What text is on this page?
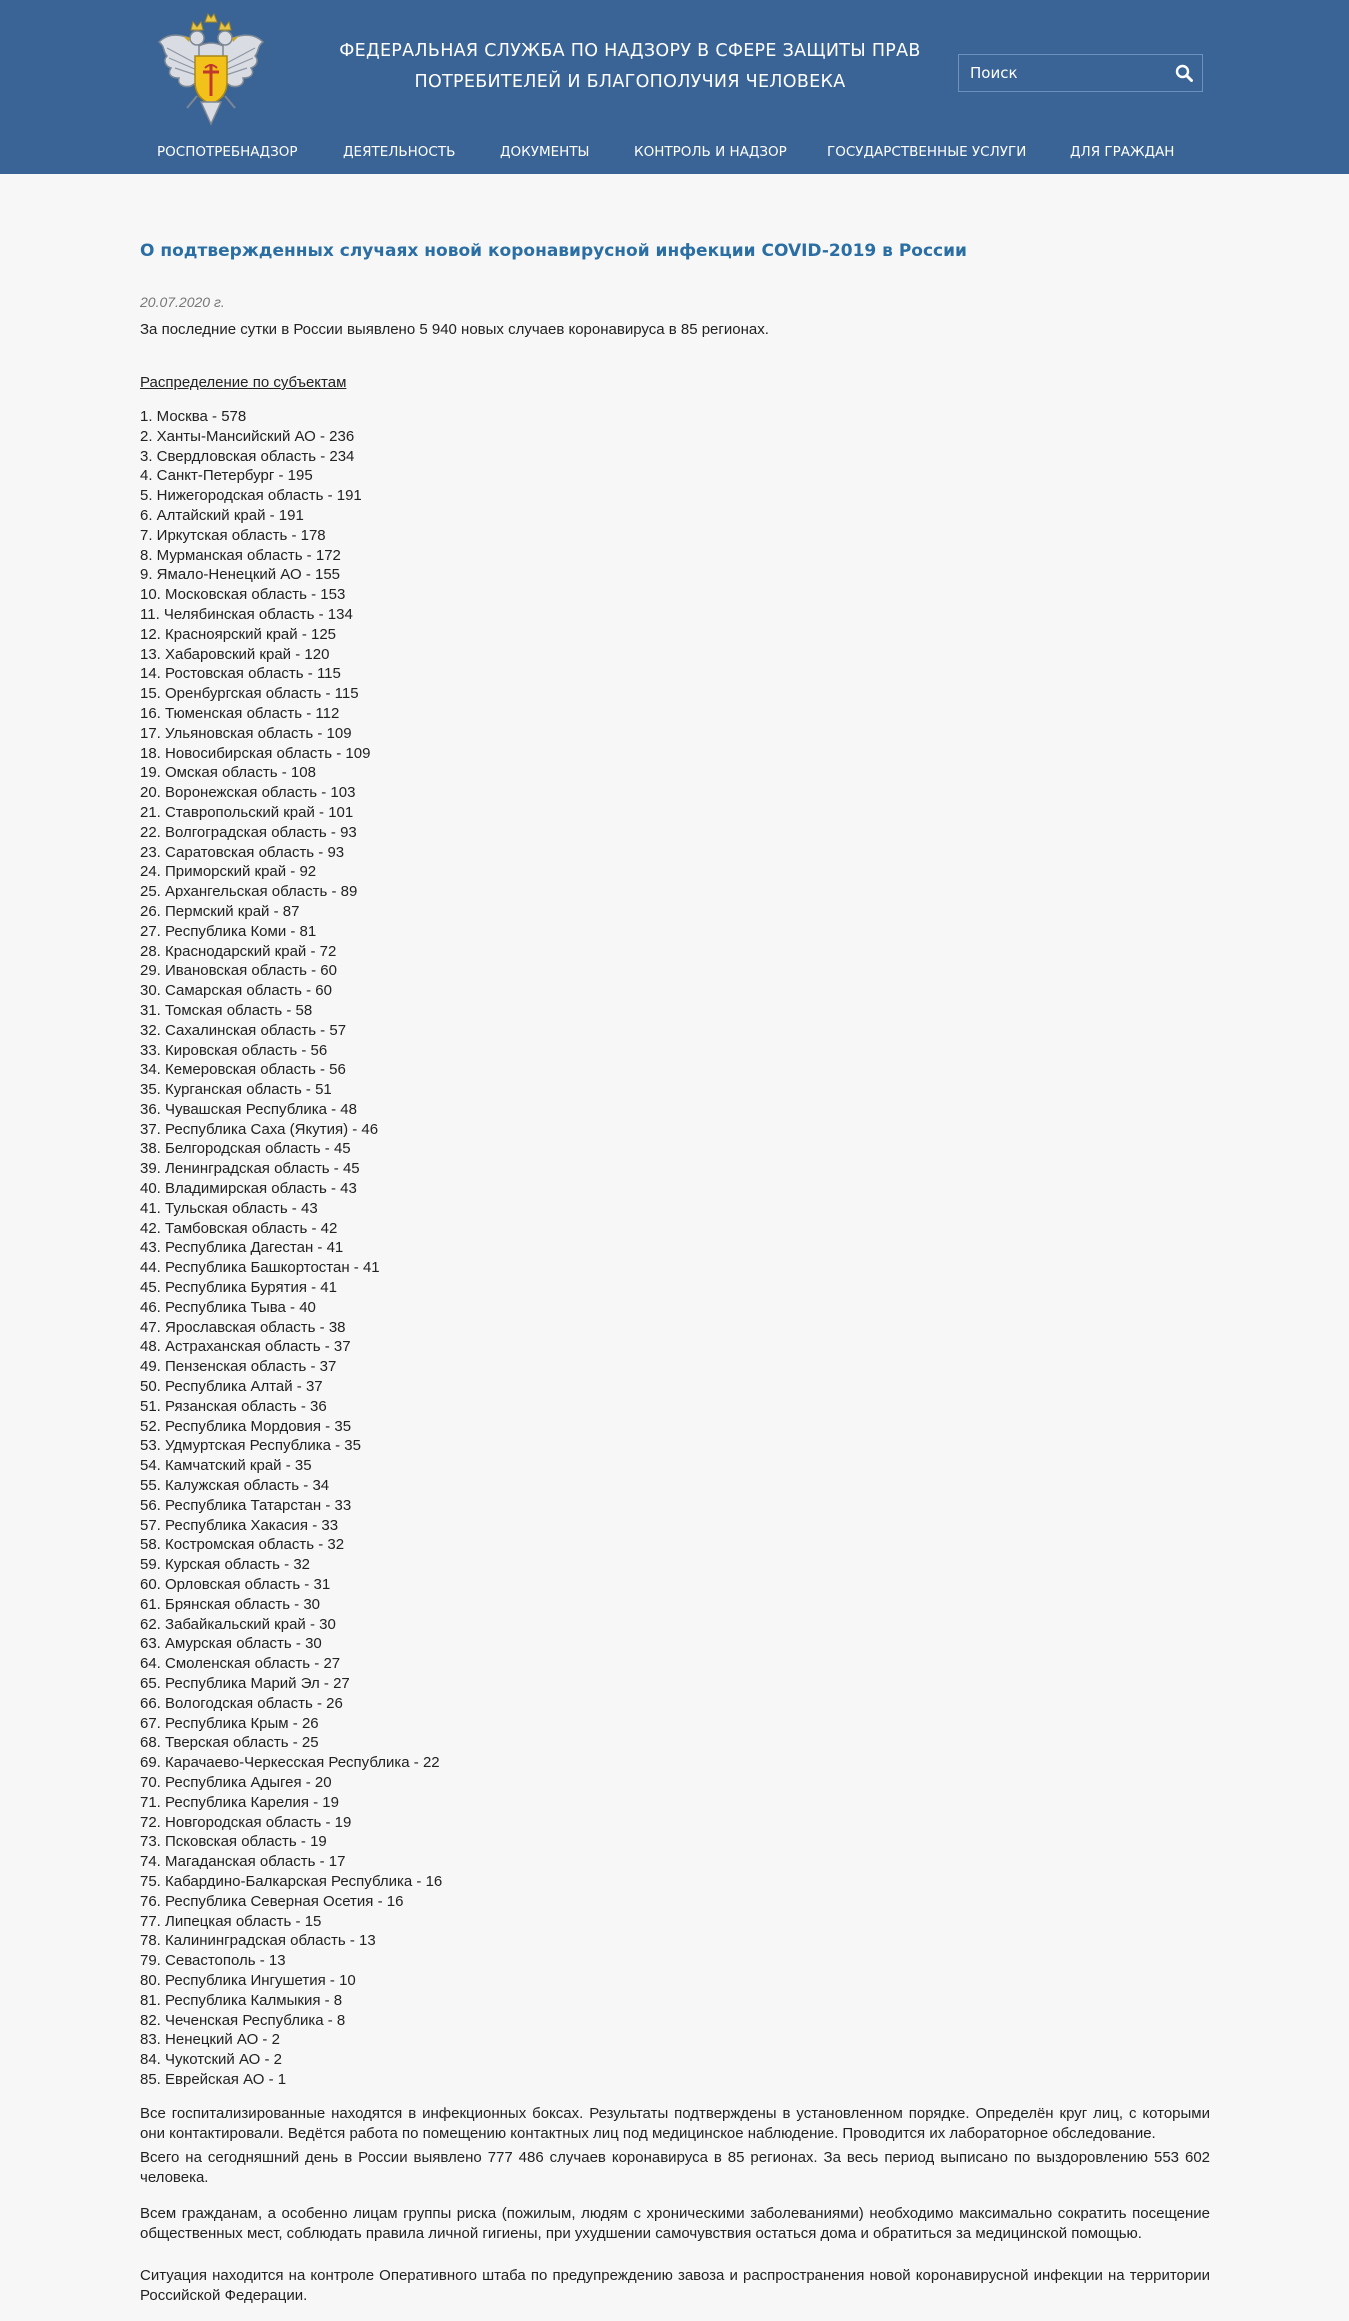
ФЕДЕРАЛЬНАЯ СЛУЖБА ПО НАДЗОРУ В СФЕРЕ ЗАЩИТЫ ПРАВ
ПОТРЕБИТЕЛЕЙ И БЛАГОПОЛУЧИЯ ЧЕЛОВЕКА
Поиск
РОСПОТРЕБНАДЗОР	ДЕЯТЕЛЬНОСТЬ	ДОКУМЕНТЫ	КОНТРОЛЬ И НАДЗОР	ГОСУДАРСТВЕННЫЕ УСЛУГИ	ДЛЯ ГРАЖДАН
О подтвержденных случаях новой коронавирусной инфекции COVID-2019 в России
20.07.2020 г.

За последние сутки в России выявлено 5 940 новых случаев коронавируса в 85 регионах.

Распределение по субъектам
1. Москва - 578
2. Ханты-Мансийский АО - 236
3. Свердловская область - 234
4. Санкт-Петербург - 195
5. Нижегородская область - 191
6. Алтайский край - 191
7. Иркутская область - 178
8. Мурманская область - 172
9. Ямало-Ненецкий АО - 155
10. Московская область - 153
11. Челябинская область - 134
12. Красноярский край - 125
13. Хабаровский край - 120
14. Ростовская область - 115
15. Оренбургская область - 115
16. Тюменская область - 112
17. Ульяновская область - 109
18. Новосибирская область - 109
19. Омская область - 108
20. Воронежская область - 103
21. Ставропольский край - 101
22. Волгоградская область - 93
23. Саратовская область - 93
24. Приморский край - 92
25. Архангельская область - 89
26. Пермский край - 87
27. Республика Коми - 81
28. Краснодарский край - 72
29. Ивановская область - 60
30. Самарская область - 60
31. Томская область - 58
32. Сахалинская область - 57
33. Кировская область - 56
34. Кемеровская область - 56
35. Курганская область - 51
36. Чувашская Республика - 48
37. Республика Саха (Якутия) - 46
38. Белгородская область - 45
39. Ленинградская область - 45
40. Владимирская область - 43
41. Тульская область - 43
42. Тамбовская область - 42
43. Республика Дагестан - 41
44. Республика Башкортостан - 41
45. Республика Бурятия - 41
46. Республика Тыва - 40
47. Ярославская область - 38
48. Астраханская область - 37
49. Пензенская область - 37
50. Республика Алтай - 37
51. Рязанская область - 36
52. Республика Мордовия - 35
53. Удмуртская Республика - 35
54. Камчатский край - 35
55. Калужская область - 34
56. Республика Татарстан - 33
57. Республика Хакасия - 33
58. Костромская область - 32
59. Курская область - 32
60. Орловская область - 31
61. Брянская область - 30
62. Забайкальский край - 30
63. Амурская область - 30
64. Смоленская область - 27
65. Республика Марий Эл - 27
66. Вологодская область - 26
67. Республика Крым - 26
68. Тверская область - 25
69. Карачаево-Черкесская Республика - 22
70. Республика Адыгея - 20
71. Республика Карелия - 19
72. Новгородская область - 19
73. Псковская область - 19
74. Магаданская область - 17
75. Кабардино-Балкарская Республика - 16
76. Республика Северная Осетия - 16
77. Липецкая область - 15
78. Калининградская область - 13
79. Севастополь - 13
80. Республика Ингушетия - 10
81. Республика Калмыкия - 8
82. Чеченская Республика - 8
83. Ненецкий АО - 2
84. Чукотский АО - 2
85. Еврейская АО - 1

Все госпитализированные находятся в инфекционных боксах. Результаты подтверждены в установленном порядке. Определён круг лиц, с которыми они контактировали. Ведётся работа по помещению контактных лиц под медицинское наблюдение. Проводится их лабораторное обследование.

Всего на сегодняшний день в России выявлено 777 486 случаев коронавируса в 85 регионах. За весь период выписано по выздоровлению 553 602 человека.

Всем гражданам, а особенно лицам группы риска (пожилым, людям с хроническими заболеваниями) необходимо максимально сократить посещение общественных мест, соблюдать правила личной гигиены, при ухудшении самочувствия остаться дома и обратиться за медицинской помощью.

Ситуация находится на контроле Оперативного штаба по предупреждению завоза и распространения новой коронавирусной инфекции на территории Российской Федерации.
